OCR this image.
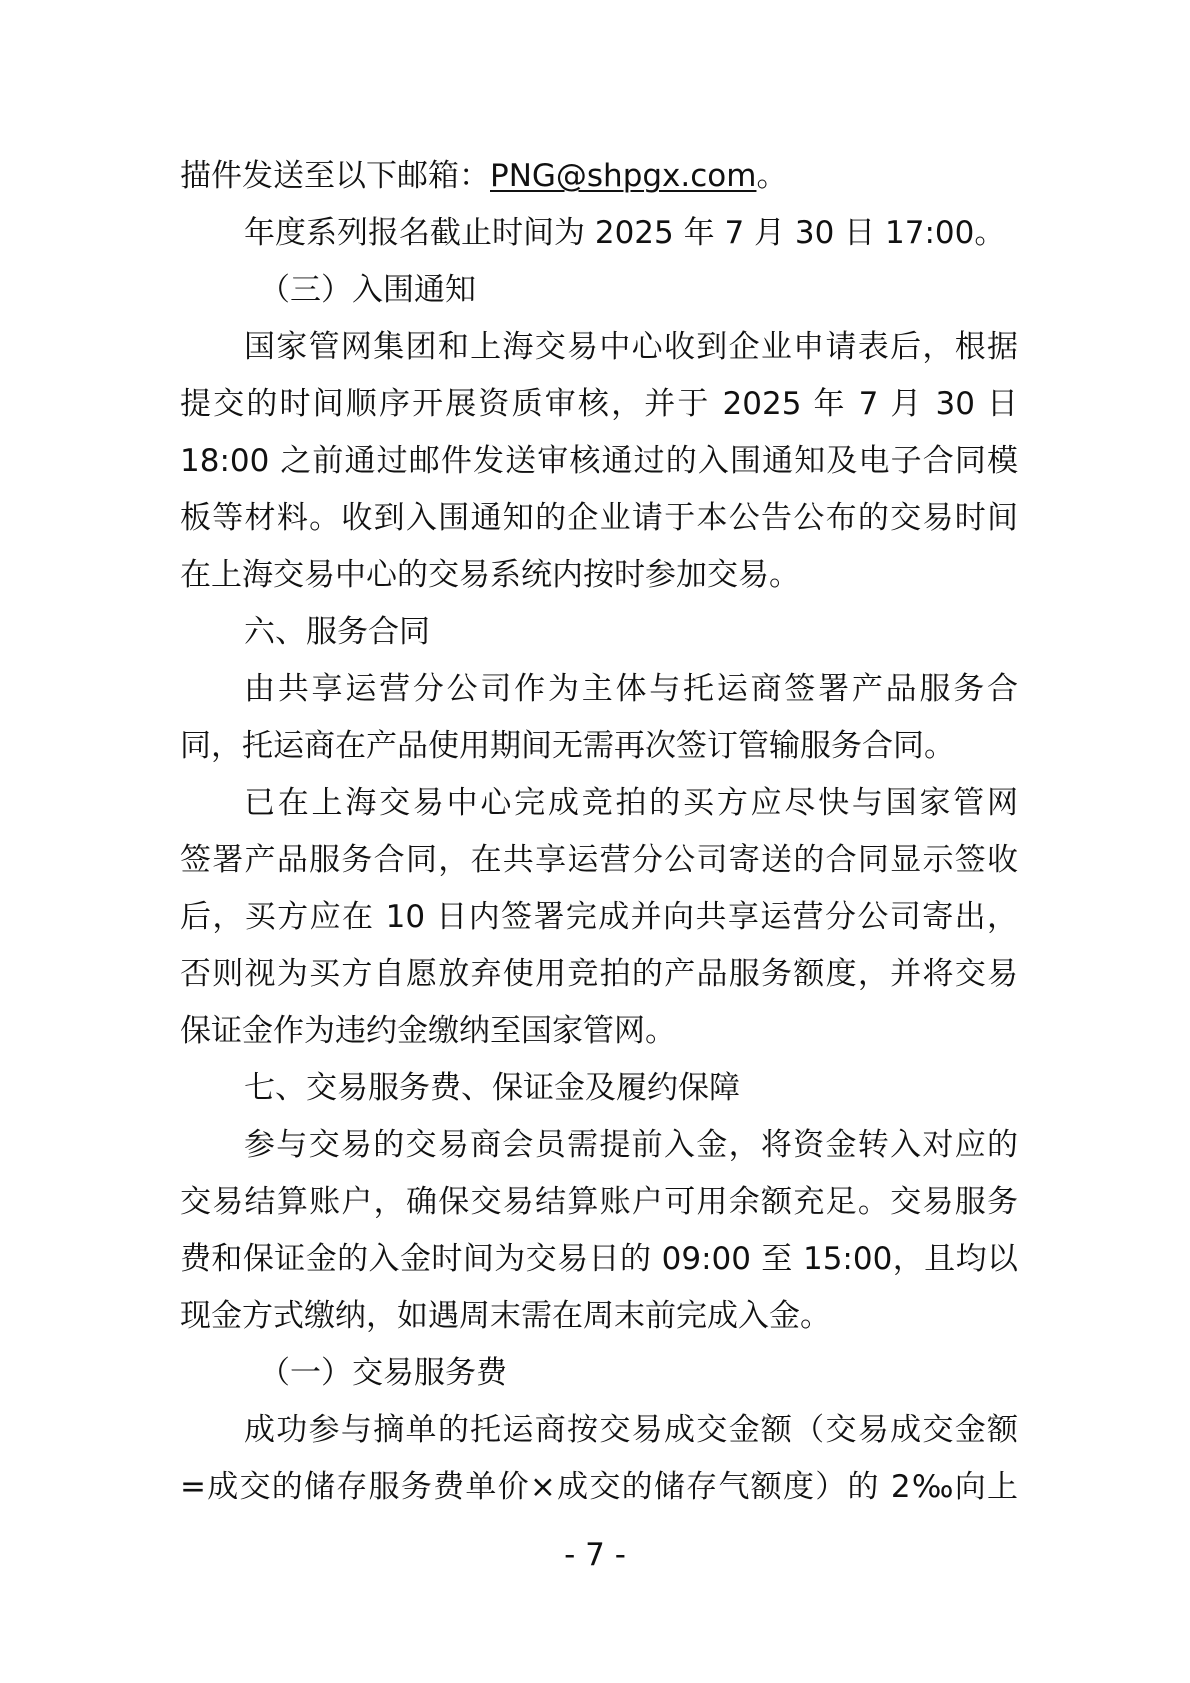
描件发送至以下邮箱：PNG@shpgx.com。
年度系列报名截止时间为 2025 年 7 月 30 日 17:00。
（三）入围通知
国家管网集团和上海交易中心收到企业申请表后，根据
提交的时间顺序开展资质审核，并于 2025 年 7 月 30 日
18:00 之前通过邮件发送审核通过的入围通知及电子合同模
板等材料。收到入围通知的企业请于本公告公布的交易时间
在上海交易中心的交易系统内按时参加交易。
六、服务合同
由共享运营分公司作为主体与托运商签署产品服务合
同，托运商在产品使用期间无需再次签订管输服务合同。
已在上海交易中心完成竞拍的买方应尽快与国家管网
签署产品服务合同，在共享运营分公司寄送的合同显示签收
后，买方应在 10 日内签署完成并向共享运营分公司寄出，
否则视为买方自愿放弃使用竞拍的产品服务额度，并将交易
保证金作为违约金缴纳至国家管网。
七、交易服务费、保证金及履约保障
参与交易的交易商会员需提前入金，将资金转入对应的
交易结算账户，确保交易结算账户可用余额充足。交易服务
费和保证金的入金时间为交易日的 09:00 至 15:00，且均以
现金方式缴纳，如遇周末需在周末前完成入金。
（一）交易服务费
成功参与摘单的托运商按交易成交金额（交易成交金额
=成交的储存服务费单价×成交的储存气额度）的 2‰向上
- 7 -
